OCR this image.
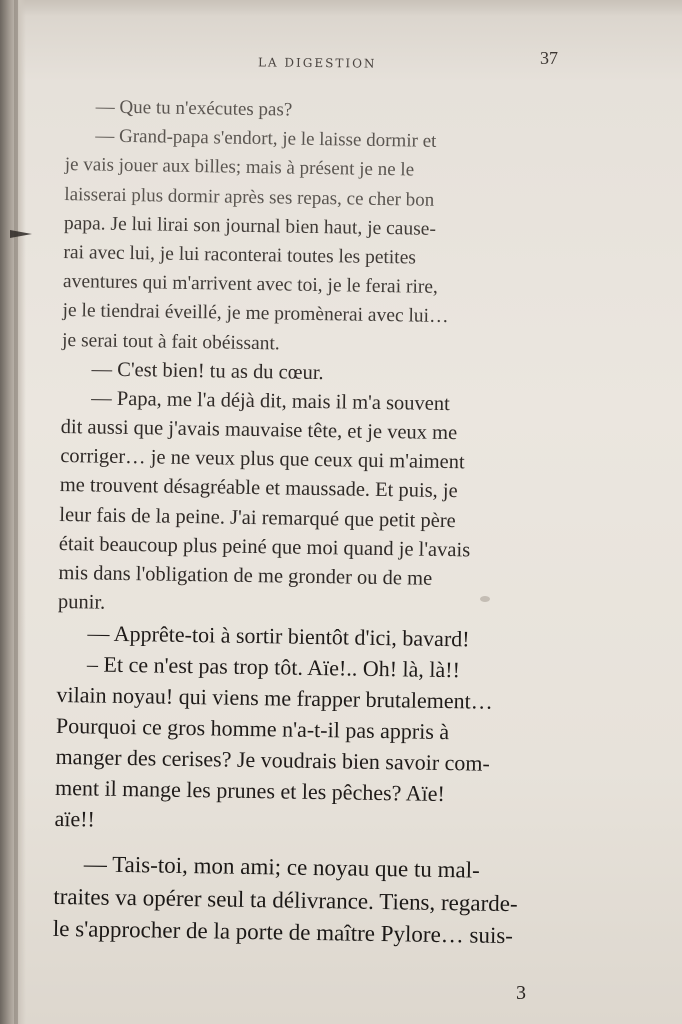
LA DIGESTION	37
— Que tu n'exécutes pas?
— Grand-papa s'endort, je le laisse dormir et
je vais jouer aux billes; mais à présent je ne le
laisserai plus dormir après ses repas, ce cher bon
papa. Je lui lirai son journal bien haut, je cause-
rai avec lui, je lui raconterai toutes les petites
aventures qui m'arrivent avec toi, je le ferai rire,
je le tiendrai éveillé, je me promènerai avec lui…
je serai tout à fait obéissant.
— C'est bien! tu as du cœur.
— Papa, me l'a déjà dit, mais il m'a souvent
dit aussi que j'avais mauvaise tête, et je veux me
corriger… je ne veux plus que ceux qui m'aiment
me trouvent désagréable et maussade. Et puis, je
leur fais de la peine. J'ai remarqué que petit père
était beaucoup plus peiné que moi quand je l'avais
mis dans l'obligation de me gronder ou de me
punir.
— Apprête-toi à sortir bientôt d'ici, bavard!
– Et ce n'est pas trop tôt. Aïe!.. Oh! là, là!!
vilain noyau! qui viens me frapper brutalement…
Pourquoi ce gros homme n'a-t-il pas appris à
manger des cerises? Je voudrais bien savoir com-
ment il mange les prunes et les pêches? Aïe!
aïe!!
— Tais-toi, mon ami; ce noyau que tu mal-
traites va opérer seul ta délivrance. Tiens, regarde-
le s'approcher de la porte de maître Pylore… suis-
3
